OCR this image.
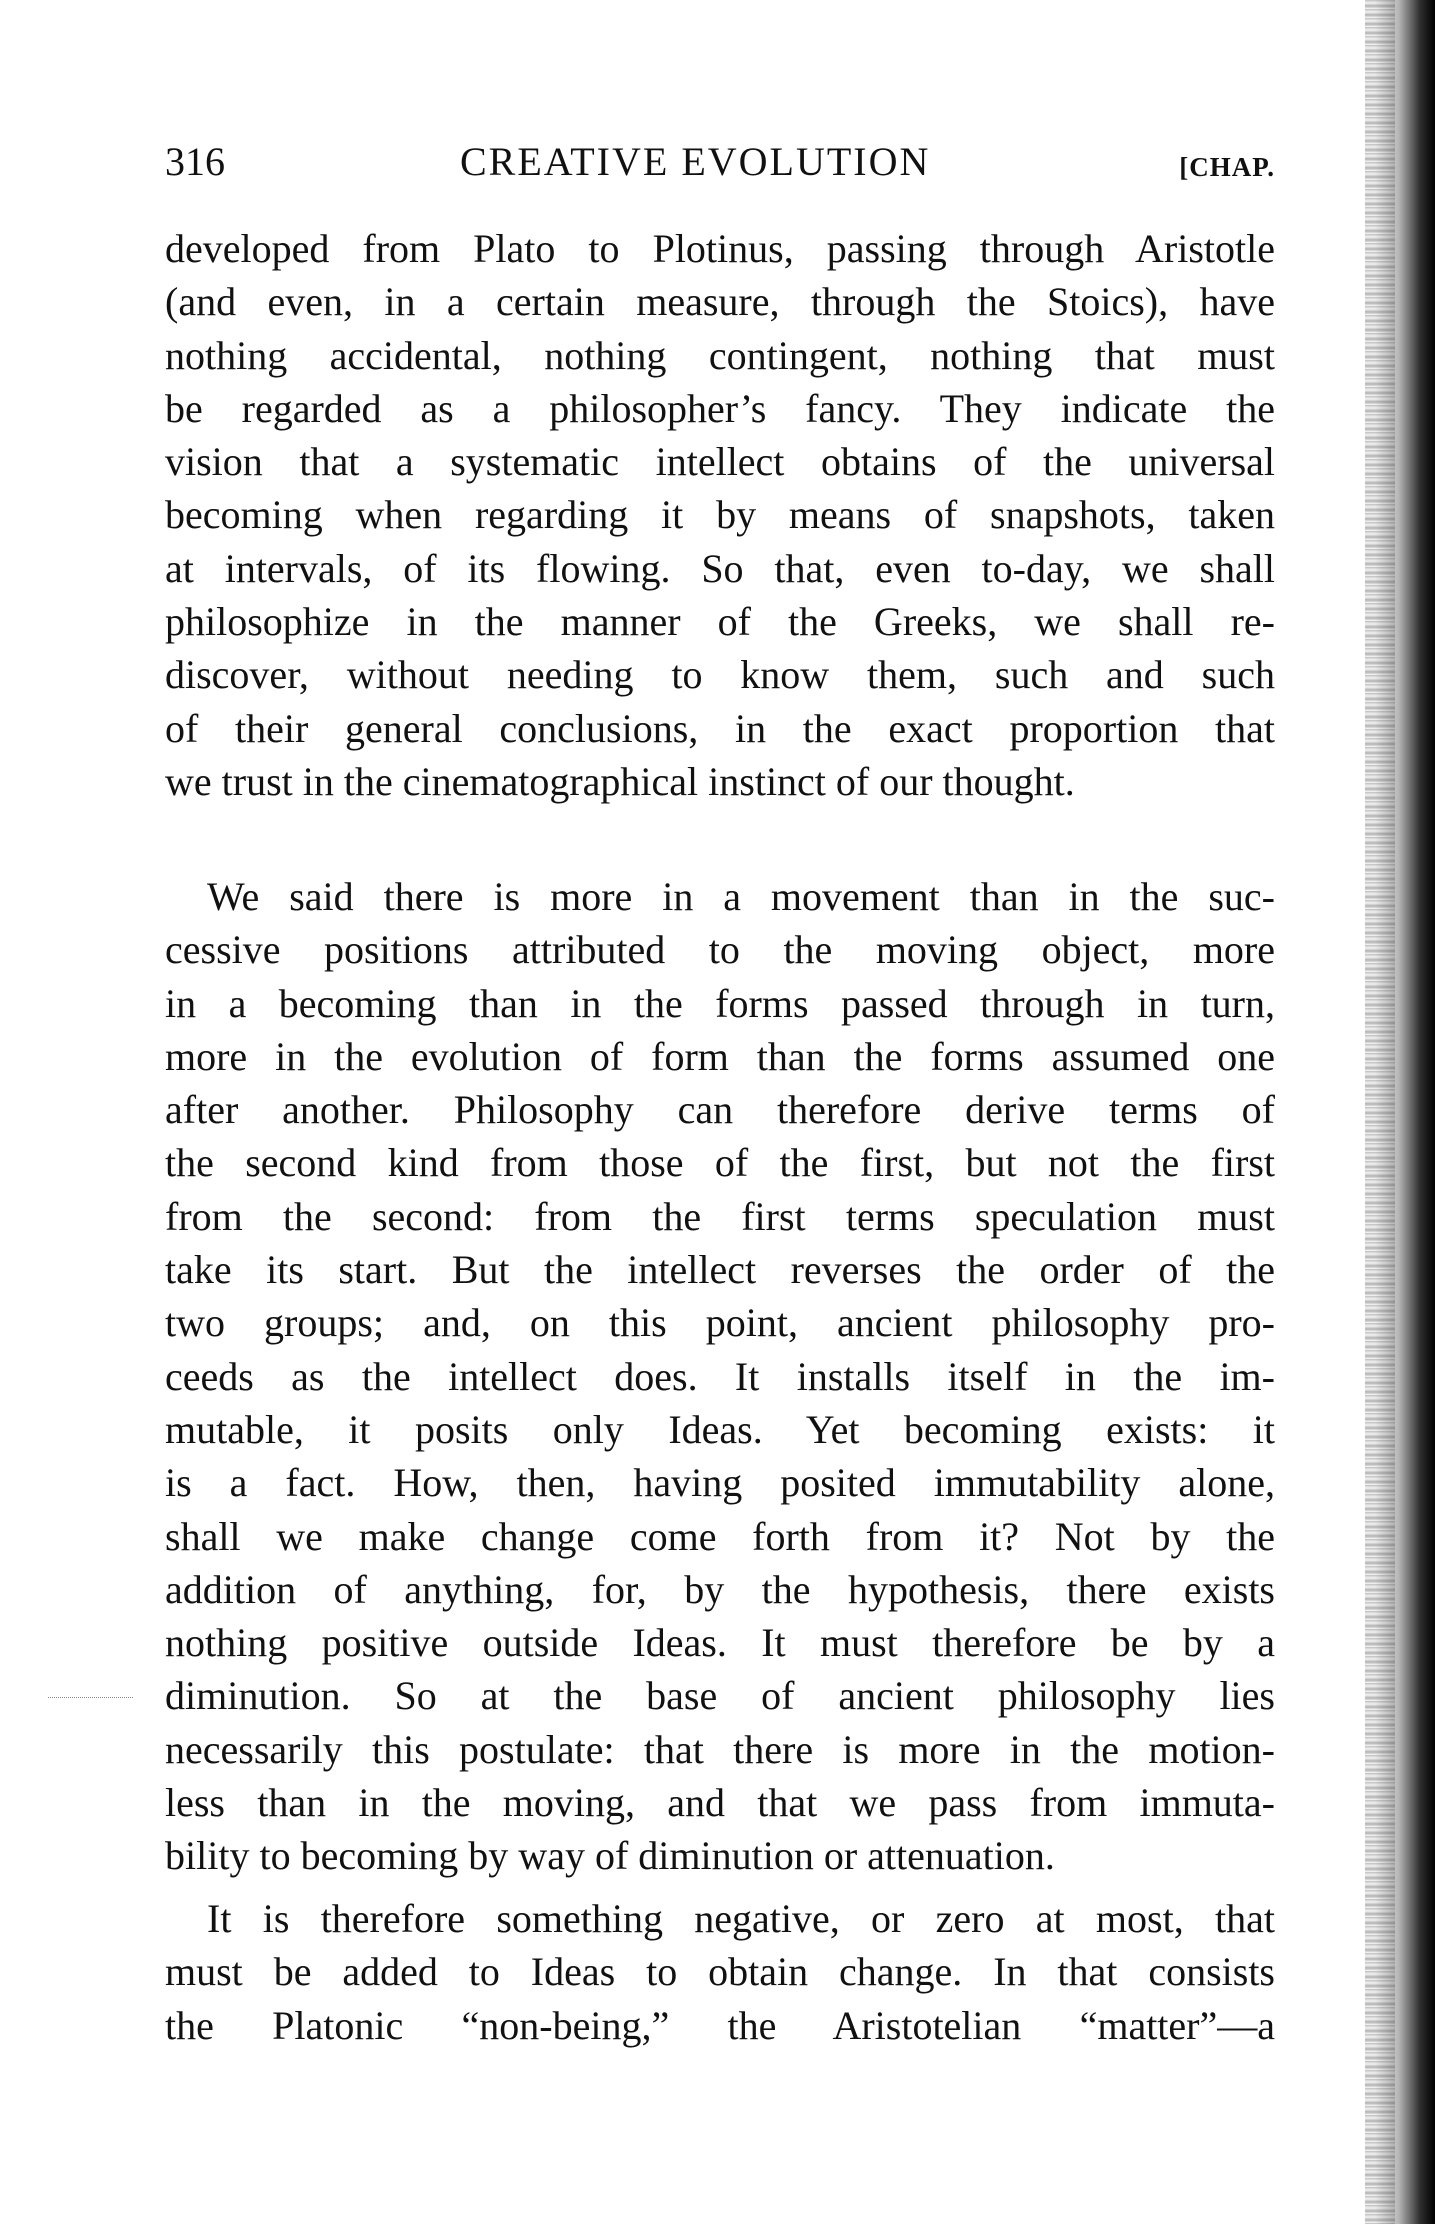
316	CREATIVE EVOLUTION	[CHAP.
developed from Plato to Plotinus, passing through Aristotle
(and even, in a certain measure, through the Stoics), have
nothing accidental, nothing contingent, nothing that must
be regarded as a philosopher’s fancy. They indicate the
vision that a systematic intellect obtains of the universal
becoming when regarding it by means of snapshots, taken
at intervals, of its flowing. So that, even to-day, we shall
philosophize in the manner of the Greeks, we shall re-
discover, without needing to know them, such and such
of their general conclusions, in the exact proportion that
we trust in the cinematographical instinct of our thought.
We said there is more in a movement than in the suc-
cessive positions attributed to the moving object, more
in a becoming than in the forms passed through in turn,
more in the evolution of form than the forms assumed one
after another. Philosophy can therefore derive terms of
the second kind from those of the first, but not the first
from the second: from the first terms speculation must
take its start. But the intellect reverses the order of the
two groups; and, on this point, ancient philosophy pro-
ceeds as the intellect does. It installs itself in the im-
mutable, it posits only Ideas. Yet becoming exists: it
is a fact. How, then, having posited immutability alone,
shall we make change come forth from it? Not by the
addition of anything, for, by the hypothesis, there exists
nothing positive outside Ideas. It must therefore be by a
diminution. So at the base of ancient philosophy lies
necessarily this postulate: that there is more in the motion-
less than in the moving, and that we pass from immuta-
bility to becoming by way of diminution or attenuation.
It is therefore something negative, or zero at most, that
must be added to Ideas to obtain change. In that consists
the Platonic “non-being,” the Aristotelian “matter”—a
